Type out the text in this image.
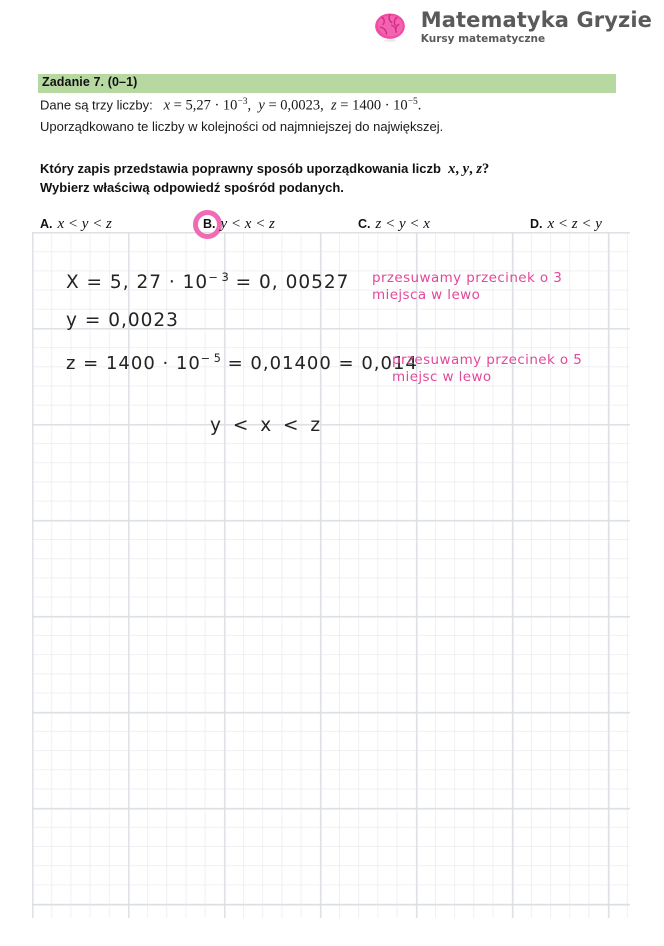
Matematyka Gryzie
Kursy matematyczne
Zadanie 7. (0–1)
Dane są trzy liczby:   $x = 5,27 \cdot 10^{-3}$,  y = 0,0023,  $z = 1400 \cdot 10^{-5}$.
Uporządkowano te liczby w kolejności od najmniejszej do największej.
Który zapis przedstawia poprawny sposób uporządkowania liczb  x, y, z?
Wybierz właściwą odpowiedź spośród podanych.
A. x < y < z	B. y < x < z	C. z < y < x	D. x < z < y
X = 5, $27 \cdot 10^{- 3} = 0$, 00527
y = 0,0023
$z = 1400 \cdot 10^{- 5} = 0,01400 = 0,014$
y < x < z
przesuwamy przecinek o 3
miejsca w lewo
przesuwamy przecinek o 5
miejsc w lewo
